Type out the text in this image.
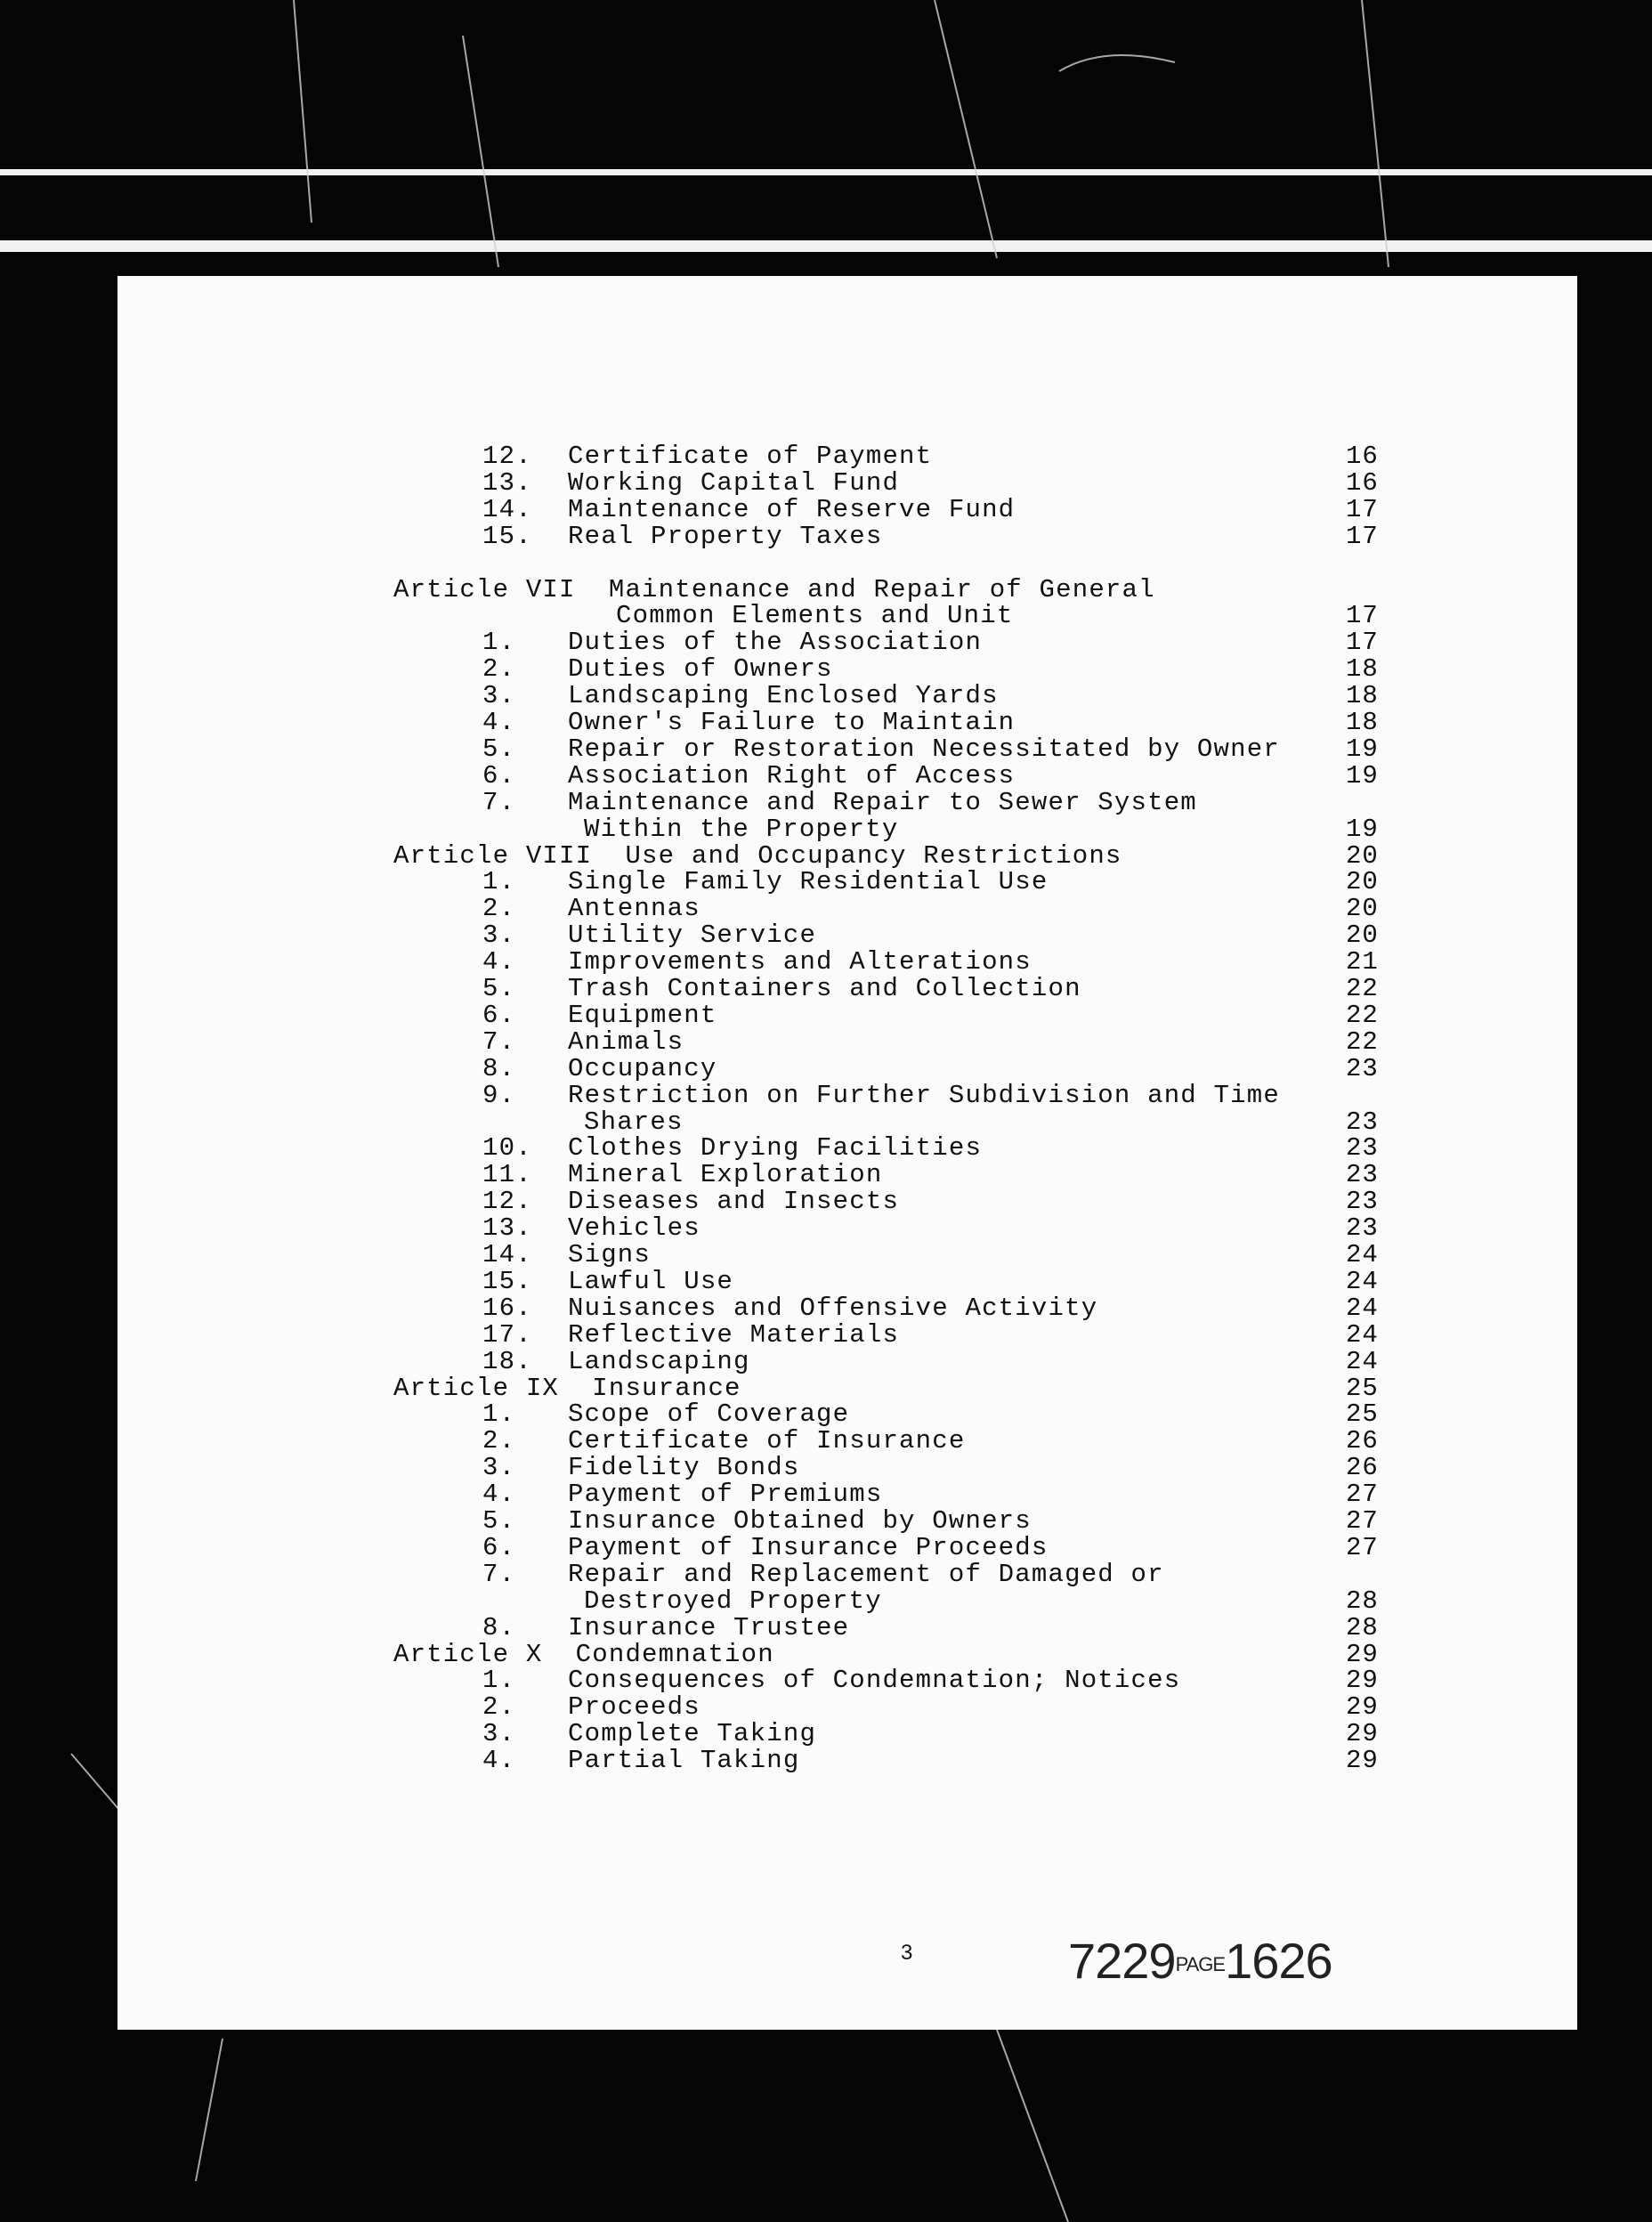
12. Certificate of Payment	16
13. Working Capital Fund	16
14. Maintenance of Reserve Fund	17
15. Real Property Taxes	17
Article VII  Maintenance and Repair of General
Common Elements and Unit	17
1. Duties of the Association	17
2. Duties of Owners	18
3. Landscaping Enclosed Yards	18
4. Owner's Failure to Maintain	18
5. Repair or Restoration Necessitated by Owner	19
6. Association Right of Access	19
7. Maintenance and Repair to Sewer System
Within the Property	19
Article VIII  Use and Occupancy Restrictions	20
1. Single Family Residential Use	20
2. Antennas	20
3. Utility Service	20
4. Improvements and Alterations	21
5. Trash Containers and Collection	22
6. Equipment	22
7. Animals	22
8. Occupancy	23
9. Restriction on Further Subdivision and Time
Shares	23
10. Clothes Drying Facilities	23
11. Mineral Exploration	23
12. Diseases and Insects	23
13. Vehicles	23
14. Signs	24
15. Lawful Use	24
16. Nuisances and Offensive Activity	24
17. Reflective Materials	24
18. Landscaping	24
Article IX  Insurance	25
1. Scope of Coverage	25
2. Certificate of Insurance	26
3. Fidelity Bonds	26
4. Payment of Premiums	27
5. Insurance Obtained by Owners	27
6. Payment of Insurance Proceeds	27
7. Repair and Replacement of Damaged or
Destroyed Property	28
8. Insurance Trustee	28
Article X  Condemnation	29
1. Consequences of Condemnation; Notices	29
2. Proceeds	29
3. Complete Taking	29
4. Partial Taking	29
3	7229PAGE1626
